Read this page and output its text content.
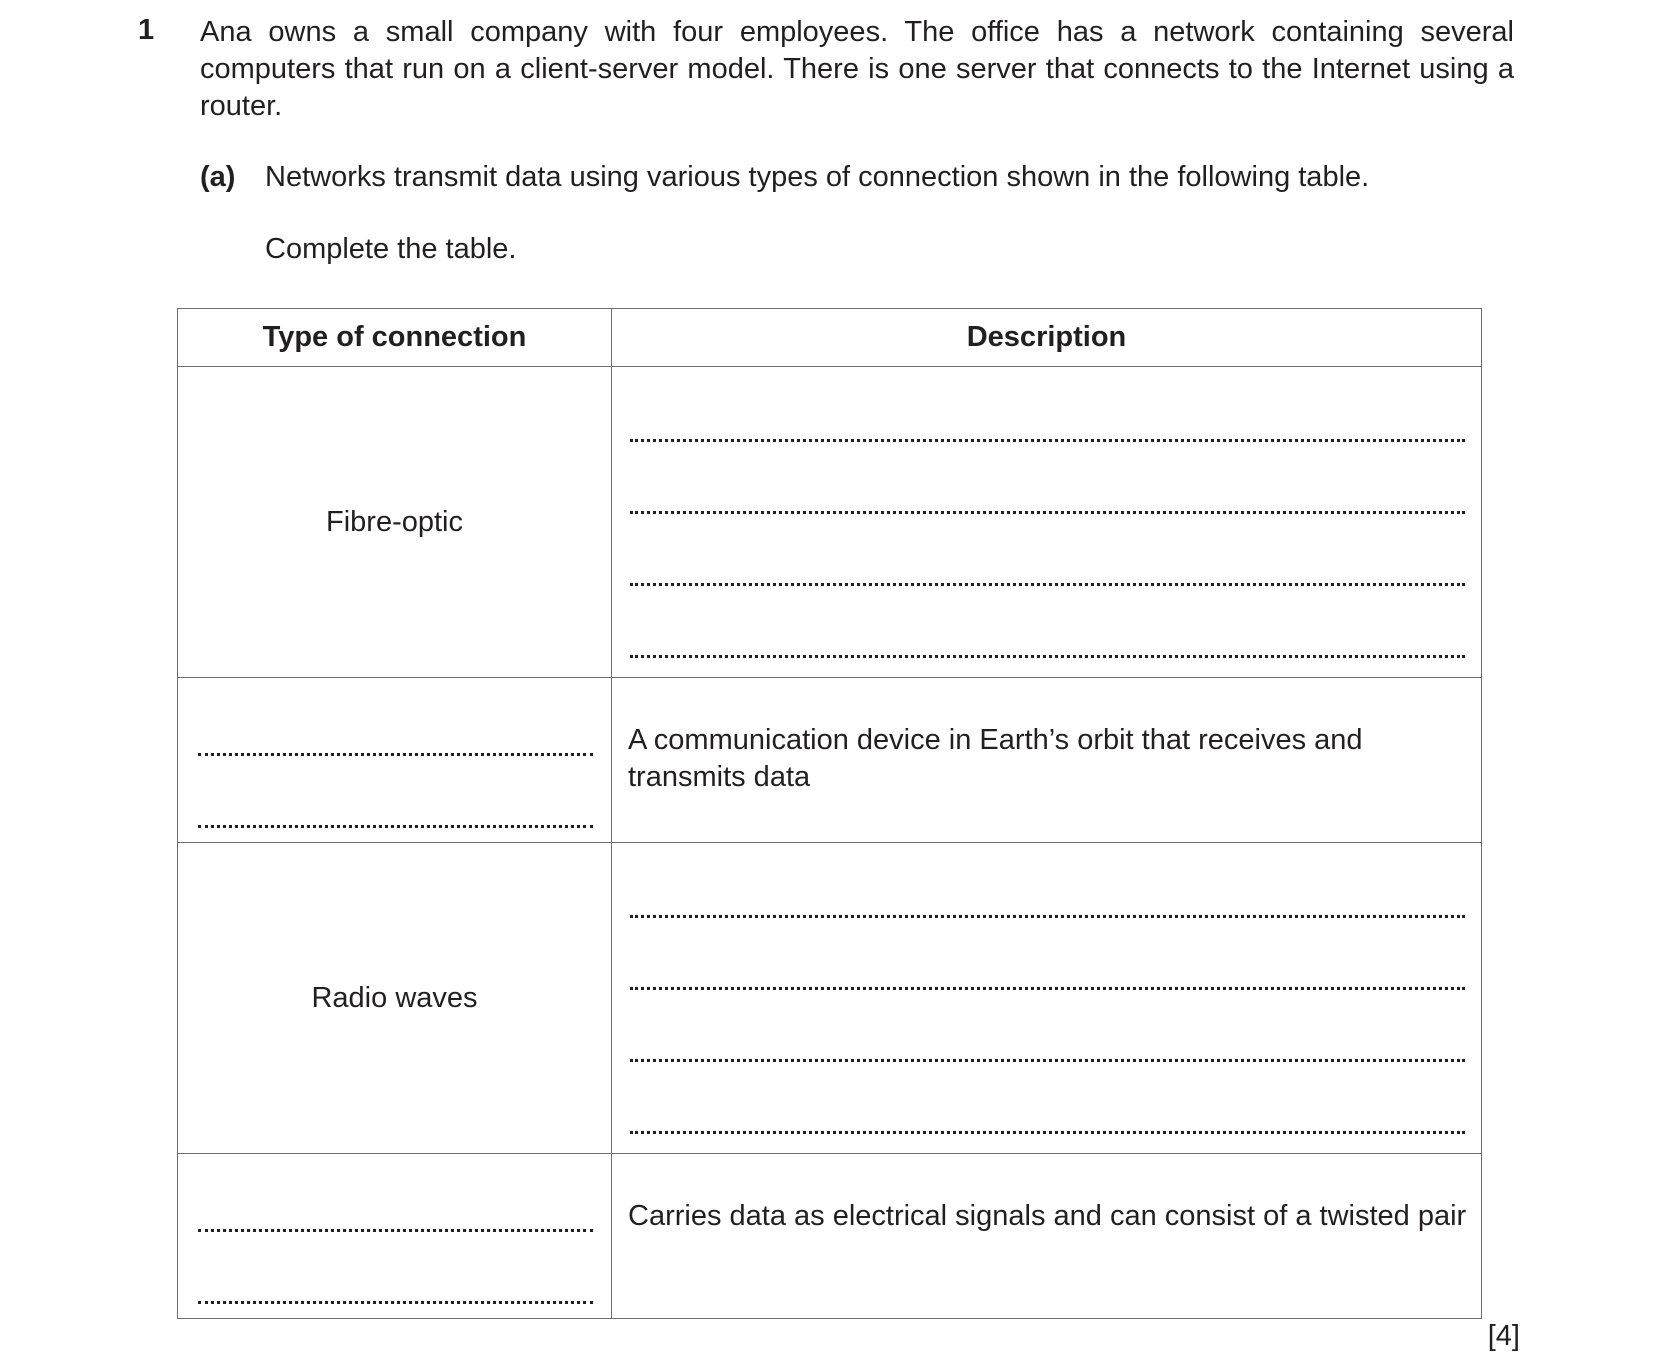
1 Ana owns a small company with four employees. The office has a network containing several computers that run on a client-server model. There is one server that connects to the Internet using a router.

(a) Networks transmit data using various types of connection shown in the following table.
Complete the table.
Type of connection	Description
Fibre-optic	

	A communication device in Earth’s orbit that receives and transmits data

Radio waves	

	Carries data as electrical signals and can consist of a twisted pair
[4]
